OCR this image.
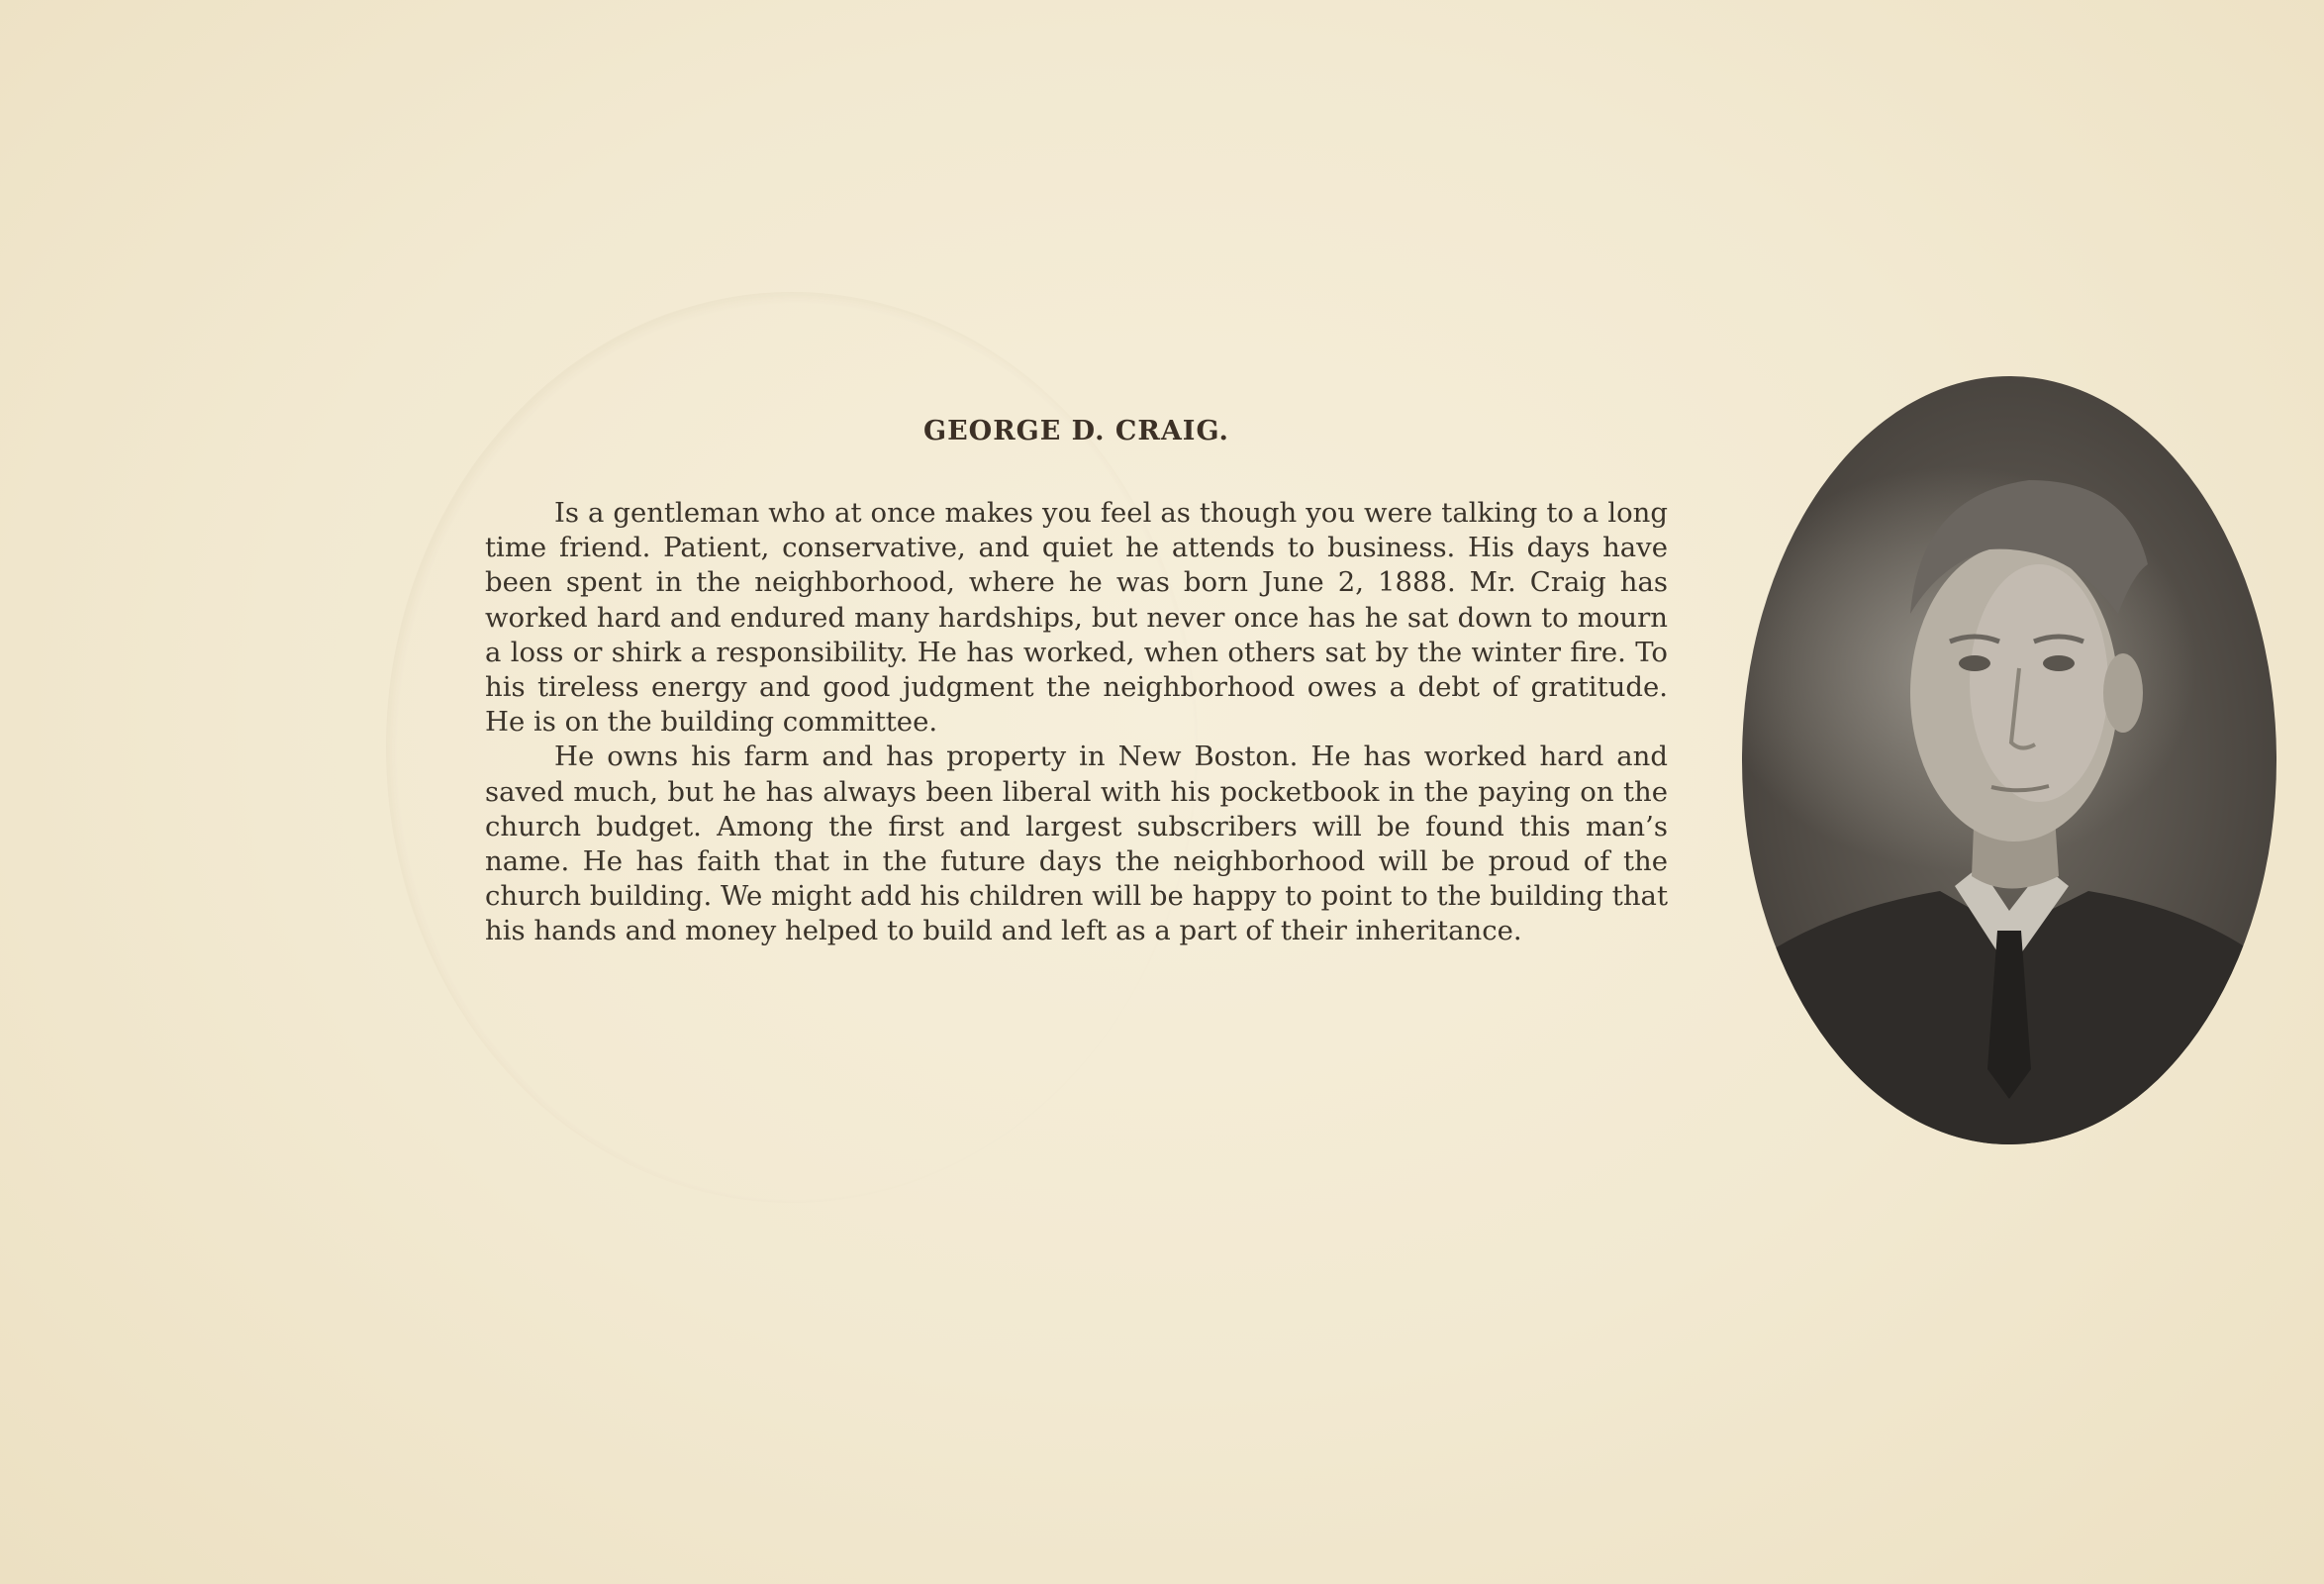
GEORGE D. CRAIG.

Is a gentleman who at once makes you feel as though you were talking to a long time friend. Patient, conservative, and quiet he attends to business. His days have been spent in the neighborhood, where he was born June 2, 1888. Mr. Craig has worked hard and endured many hardships, but never once has he sat down to mourn a loss or shirk a responsibility. He has worked, when others sat by the winter fire. To his tireless energy and good judgment the neighborhood owes a debt of gratitude. He is on the building committee.

He owns his farm and has property in New Boston. He has worked hard and saved much, but he has always been liberal with his pocketbook in the paying on the church budget. Among the first and largest subscribers will be found this man’s name. He has faith that in the future days the neighborhood will be proud of the church building. We might add his children will be happy to point to the building that his hands and money helped to build and left as a part of their inheritance.
